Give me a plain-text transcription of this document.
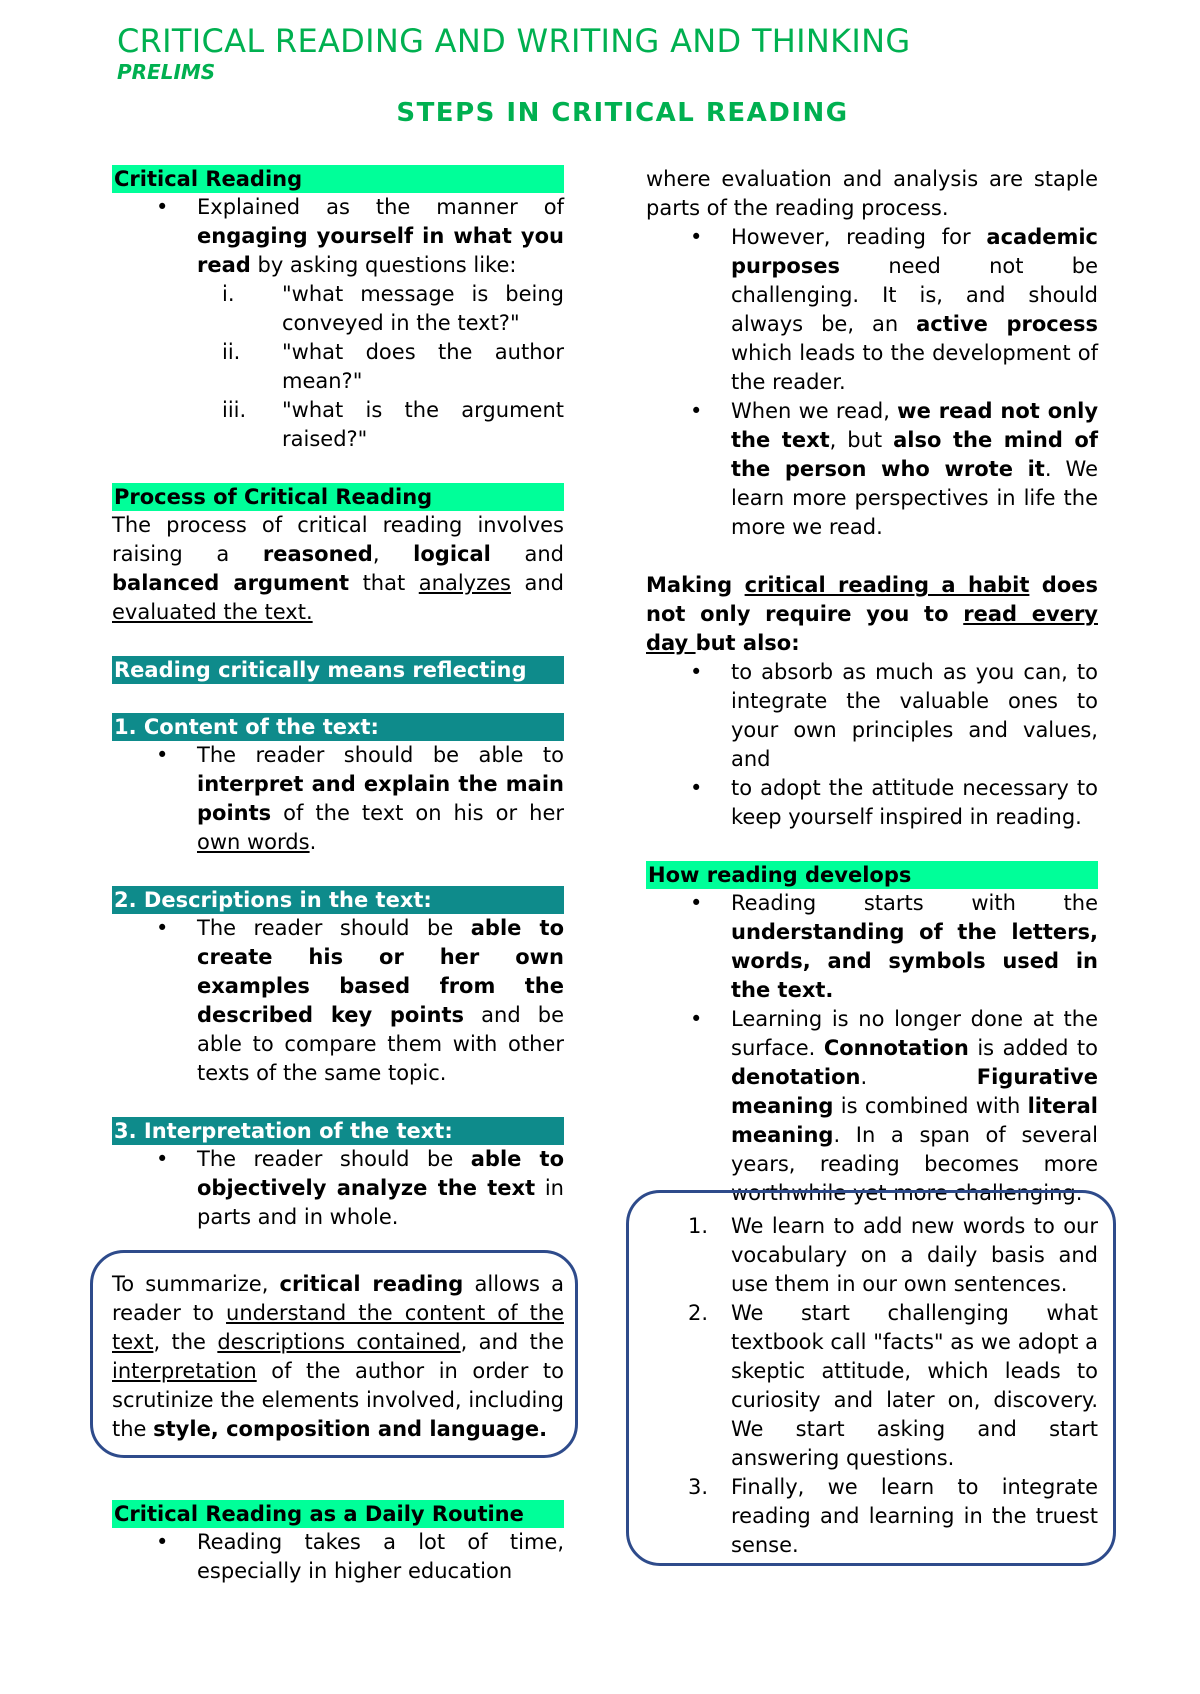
CRITICAL READING AND WRITING AND THINKING
PRELIMS
STEPS IN CRITICAL READING
Critical Reading
• Explained as the manner of engaging yourself in what you read by asking questions like:
i.	"what message is being conveyed in the text?"
ii.	"what does the author mean?"
iii.	"what is the argument raised?"
Process of Critical Reading
The process of critical reading involves raising a reasoned, logical and balanced argument that analyzes and evaluated the text.
Reading critically means reflecting on:
1. Content of the text:
• The reader should be able to interpret and explain the main points of the text on his or her own words.
2. Descriptions in the text:
• The reader should be able to create his or her own examples based from the described key points and be able to compare them with other texts of the same topic.
3. Interpretation of the text:
• The reader should be able to objectively analyze the text in parts and in whole.
To summarize, critical reading allows a reader to understand the content of the text, the descriptions contained, and the interpretation of the author in order to scrutinize the elements involved, including the style, composition and language.
Critical Reading as a Daily Routine
• Reading takes a lot of time, especially in higher education
where evaluation and analysis are staple parts of the reading process.
• However, reading for academic purposes need not be challenging. It is, and should always be, an active process which leads to the development of the reader.
• When we read, we read not only the text, but also the mind of the person who wrote it. We learn more perspectives in life the more we read.
Making critical reading a habit does not only require you to read every day but also:
• to absorb as much as you can, to integrate the valuable ones to your own principles and values, and
• to adopt the attitude necessary to keep yourself inspired in reading.
How reading develops
• Reading starts with the understanding of the letters, words, and symbols used in the text.
• Learning is no longer done at the surface. Connotation is added to denotation. Figurative meaning is combined with literal meaning. In a span of several years, reading becomes more worthwhile yet more challenging.
1. We learn to add new words to our vocabulary on a daily basis and use them in our own sentences.
2. We start challenging what textbook call "facts" as we adopt a skeptic attitude, which leads to curiosity and later on, discovery. We start asking and start answering questions.
3. Finally, we learn to integrate reading and learning in the truest sense.
